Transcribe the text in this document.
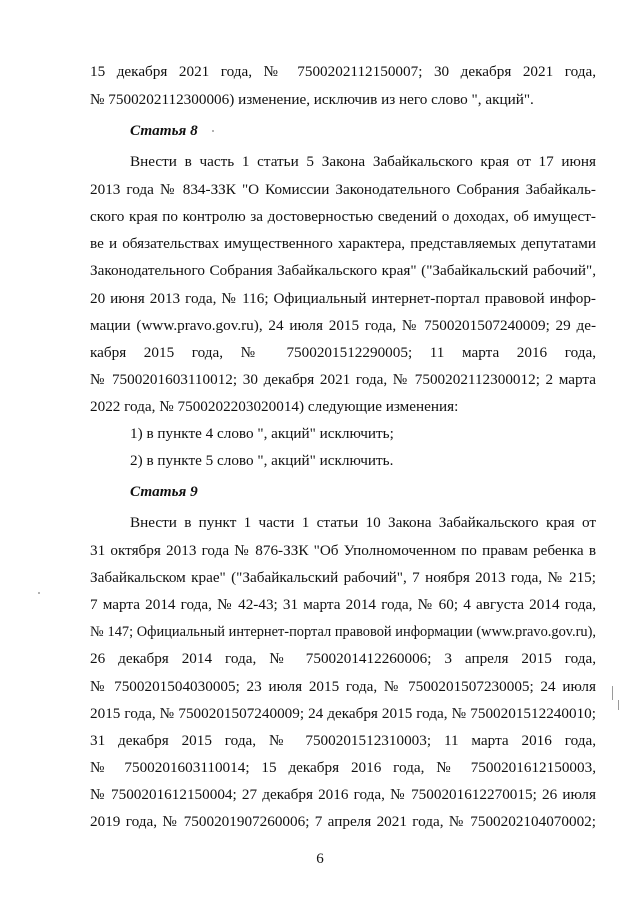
15 декабря 2021 года, № 7500202112150007; 30 декабря 2021 года,
№ 7500202112300006) изменение, исключив из него слово ", акций".
Статья 8
Внести в часть 1 статьи 5 Закона Забайкальского края от 17 июня
2013 года № 834-ЗЗК "О Комиссии Законодательного Собрания Забайкаль-
ского края по контролю за достоверностью сведений о доходах, об имущест-
ве и обязательствах имущественного характера, представляемых депутатами
Законодательного Собрания Забайкальского края" ("Забайкальский рабочий",
20 июня 2013 года, № 116; Официальный интернет-портал правовой инфор-
мации (www.pravo.gov.ru), 24 июля 2015 года, № 7500201507240009; 29 де-
кабря 2015 года, № 7500201512290005; 11 марта 2016 года,
№ 7500201603110012; 30 декабря 2021 года, № 7500202112300012; 2 марта
2022 года, № 7500202203020014) следующие изменения:
1) в пункте 4 слово ", акций" исключить;
2) в пункте 5 слово ", акций" исключить.
Статья 9
Внести в пункт 1 части 1 статьи 10 Закона Забайкальского края от
31 октября 2013 года № 876-ЗЗК "Об Уполномоченном по правам ребенка в
Забайкальском крае" ("Забайкальский рабочий", 7 ноября 2013 года, № 215;
7 марта 2014 года, № 42-43; 31 марта 2014 года, № 60; 4 августа 2014 года,
№ 147; Официальный интернет-портал правовой информации (www.pravo.gov.ru),
26 декабря 2014 года, № 7500201412260006; 3 апреля 2015 года,
№ 7500201504030005; 23 июля 2015 года, № 7500201507230005; 24 июля
2015 года, № 7500201507240009; 24 декабря 2015 года, № 7500201512240010;
31 декабря 2015 года, № 7500201512310003; 11 марта 2016 года,
№ 7500201603110014; 15 декабря 2016 года, № 7500201612150003,
№ 7500201612150004; 27 декабря 2016 года, № 7500201612270015; 26 июля
2019 года, № 7500201907260006; 7 апреля 2021 года, № 7500202104070002;
6
